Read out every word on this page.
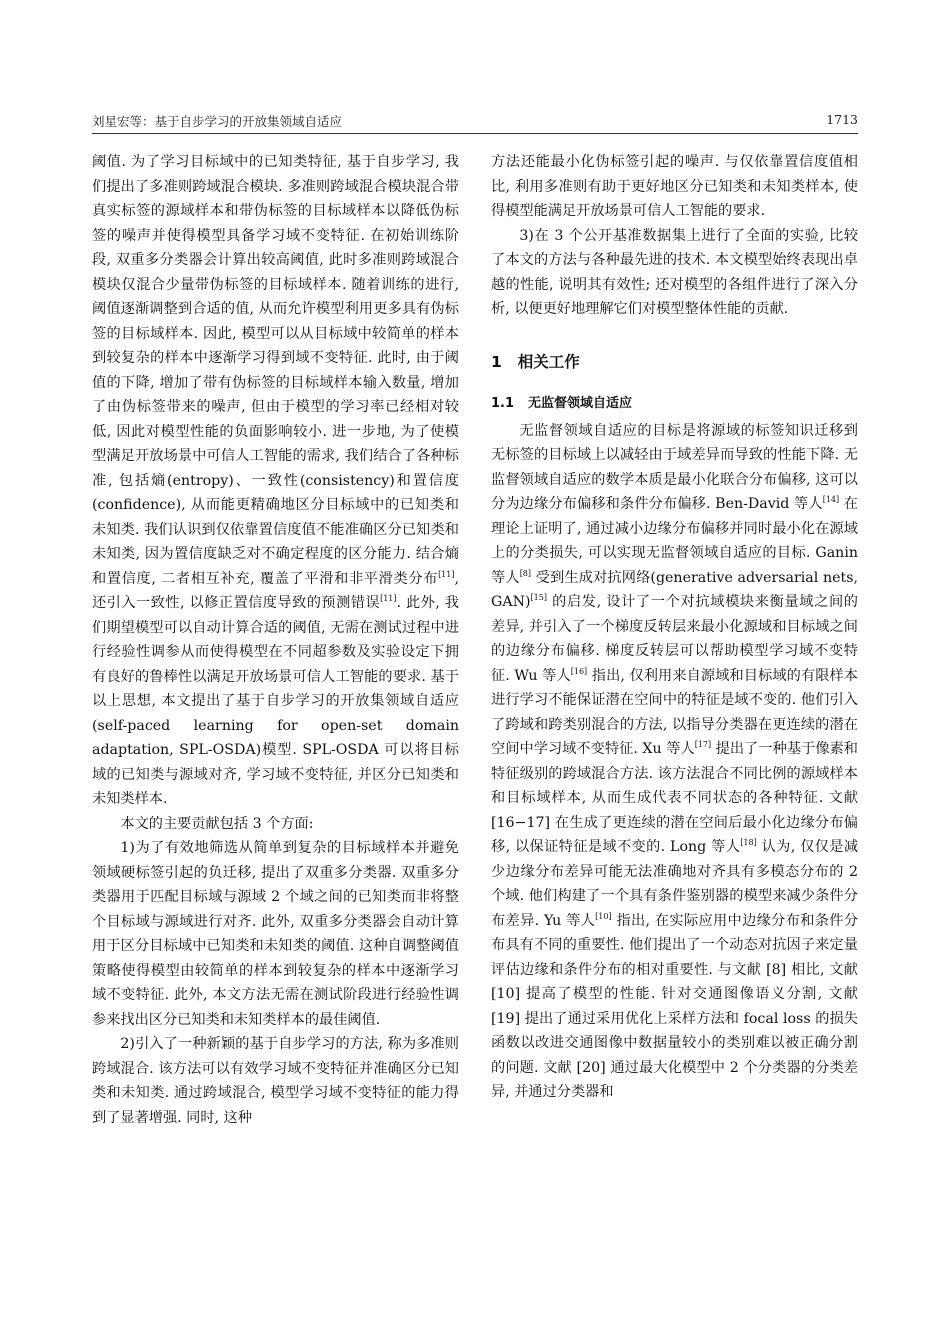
刘星宏等：基于自步学习的开放集领域自适应	1713

阈值. 为了学习目标域中的已知类特征, 基于自步学习, 我们提出了多准则跨域混合模块. 多准则跨域混合模块混合带真实标签的源域样本和带伪标签的目标域样本以降低伪标签的噪声并使得模型具备学习域不变特征. 在初始训练阶段, 双重多分类器会计算出较高阈值, 此时多准则跨域混合模块仅混合少量带伪标签的目标域样本. 随着训练的进行, 阈值逐渐调整到合适的值, 从而允许模型利用更多具有伪标签的目标域样本. 因此, 模型可以从目标域中较简单的样本到较复杂的样本中逐渐学习得到域不变特征. 此时, 由于阈值的下降, 增加了带有伪标签的目标域样本输入数量, 增加了由伪标签带来的噪声, 但由于模型的学习率已经相对较低, 因此对模型性能的负面影响较小. 进一步地, 为了使模型满足开放场景中可信人工智能的需求, 我们结合了各种标准, 包括熵(entropy)、一致性(consistency)和置信度(confidence), 从而能更精确地区分目标域中的已知类和未知类. 我们认识到仅依靠置信度值不能准确区分已知类和未知类, 因为置信度缺乏对不确定程度的区分能力. 结合熵和置信度, 二者相互补充, 覆盖了平滑和非平滑类分布[11], 还引入一致性, 以修正置信度导致的预测错误[11]. 此外, 我们期望模型可以自动计算合适的阈值, 无需在测试过程中进行经验性调参从而使得模型在不同超参数及实验设定下拥有良好的鲁棒性以满足开放场景可信人工智能的要求. 基于以上思想, 本文提出了基于自步学习的开放集领域自适应(self-paced learning for open-set domain adaptation, SPL-OSDA)模型. SPL-OSDA 可以将目标域的已知类与源域对齐, 学习域不变特征, 并区分已知类和未知类样本.

本文的主要贡献包括 3 个方面:

1)为了有效地筛选从简单到复杂的目标域样本并避免领域硬标签引起的负迁移, 提出了双重多分类器. 双重多分类器用于匹配目标域与源域 2 个域之间的已知类而非将整个目标域与源域进行对齐. 此外, 双重多分类器会自动计算用于区分目标域中已知类和未知类的阈值. 这种自调整阈值策略使得模型由较简单的样本到较复杂的样本中逐渐学习域不变特征. 此外, 本文方法无需在测试阶段进行经验性调参来找出区分已知类和未知类样本的最佳阈值.

2)引入了一种新颖的基于自步学习的方法, 称为多准则跨域混合. 该方法可以有效学习域不变特征并准确区分已知类和未知类. 通过跨域混合, 模型学习域不变特征的能力得到了显著增强. 同时, 这种

方法还能最小化伪标签引起的噪声. 与仅依靠置信度值相比, 利用多准则有助于更好地区分已知类和未知类样本, 使得模型能满足开放场景可信人工智能的要求.

3)在 3 个公开基准数据集上进行了全面的实验, 比较了本文的方法与各种最先进的技术. 本文模型始终表现出卓越的性能, 说明其有效性; 还对模型的各组件进行了深入分析, 以便更好地理解它们对模型整体性能的贡献.

1 相关工作
1.1 无监督领域自适应

无监督领域自适应的目标是将源域的标签知识迁移到无标签的目标域上以减轻由于域差异而导致的性能下降. 无监督领域自适应的数学本质是最小化联合分布偏移, 这可以分为边缘分布偏移和条件分布偏移. Ben-David 等人[14] 在理论上证明了, 通过减小边缘分布偏移并同时最小化在源域上的分类损失, 可以实现无监督领域自适应的目标. Ganin 等人[8] 受到生成对抗网络(generative adversarial nets, GAN)[15] 的启发, 设计了一个对抗域模块来衡量域之间的差异, 并引入了一个梯度反转层来最小化源域和目标域之间的边缘分布偏移. 梯度反转层可以帮助模型学习域不变特征. Wu 等人[16] 指出, 仅利用来自源域和目标域的有限样本进行学习不能保证潜在空间中的特征是域不变的. 他们引入了跨域和跨类别混合的方法, 以指导分类器在更连续的潜在空间中学习域不变特征. Xu 等人[17] 提出了一种基于像素和特征级别的跨域混合方法. 该方法混合不同比例的源域样本和目标域样本, 从而生成代表不同状态的各种特征. 文献 [16−17] 在生成了更连续的潜在空间后最小化边缘分布偏移, 以保证特征是域不变的. Long 等人[18] 认为, 仅仅是减少边缘分布差异可能无法准确地对齐具有多模态分布的 2 个域. 他们构建了一个具有条件鉴别器的模型来减少条件分布差异. Yu 等人[10] 指出, 在实际应用中边缘分布和条件分布具有不同的重要性. 他们提出了一个动态对抗因子来定量评估边缘和条件分布的相对重要性. 与文献 [8] 相比, 文献 [10] 提高了模型的性能. 针对交通图像语义分割, 文献 [19] 提出了通过采用优化上采样方法和 focal loss 的损失函数以改进交通图像中数据量较小的类别难以被正确分割的问题. 文献 [20] 通过最大化模型中 2 个分类器的分类差异, 并通过分类器和
